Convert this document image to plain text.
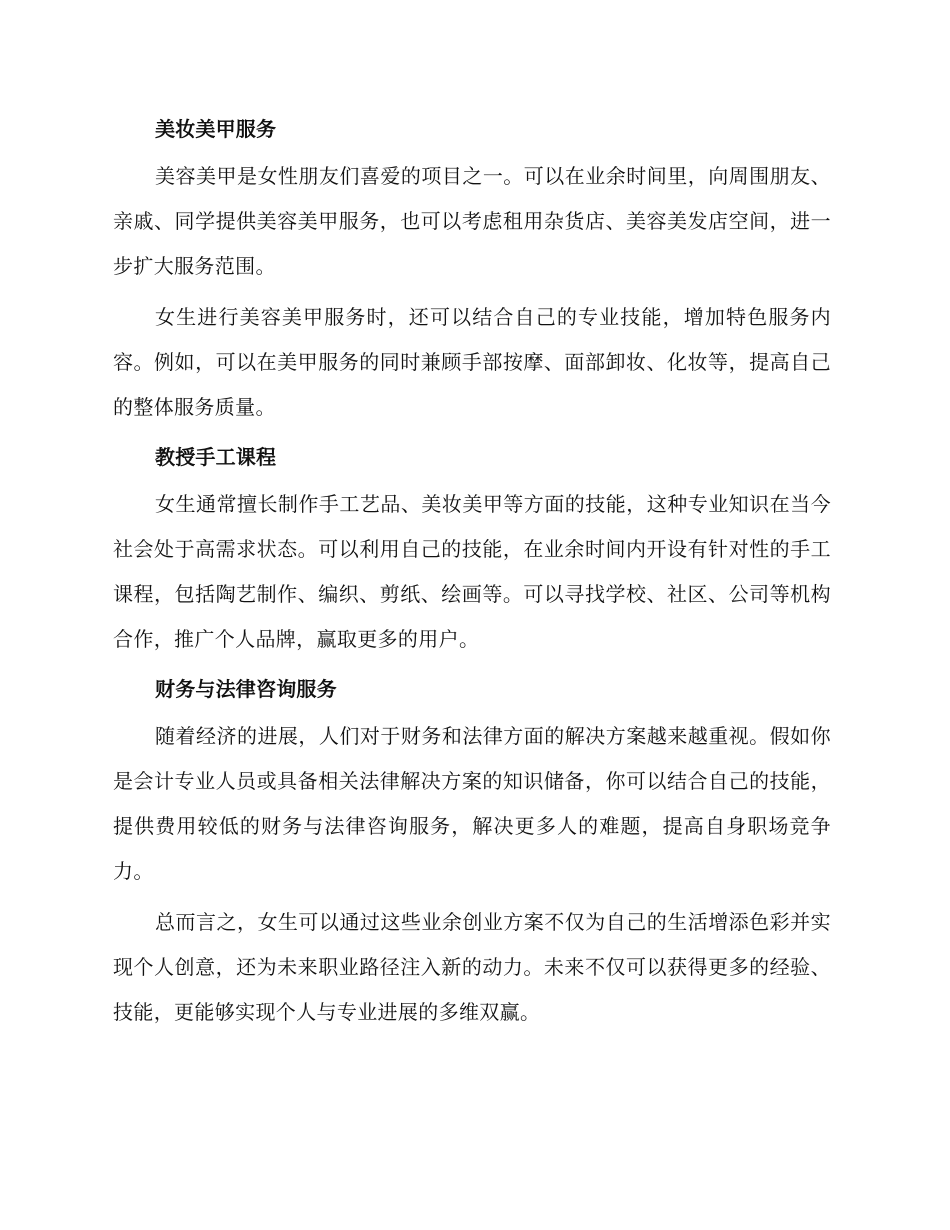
美妆美甲服务

美容美甲是女性朋友们喜爱的项目之一。可以在业余时间里，向周围朋友、亲戚、同学提供美容美甲服务，也可以考虑租用杂货店、美容美发店空间，进一步扩大服务范围。

女生进行美容美甲服务时，还可以结合自己的专业技能，增加特色服务内容。例如，可以在美甲服务的同时兼顾手部按摩、面部卸妆、化妆等，提高自己的整体服务质量。

教授手工课程

女生通常擅长制作手工艺品、美妆美甲等方面的技能，这种专业知识在当今社会处于高需求状态。可以利用自己的技能，在业余时间内开设有针对性的手工课程，包括陶艺制作、编织、剪纸、绘画等。可以寻找学校、社区、公司等机构合作，推广个人品牌，赢取更多的用户。

财务与法律咨询服务

随着经济的进展，人们对于财务和法律方面的解决方案越来越重视。假如你是会计专业人员或具备相关法律解决方案的知识储备，你可以结合自己的技能，提供费用较低的财务与法律咨询服务，解决更多人的难题，提高自身职场竞争力。

总而言之，女生可以通过这些业余创业方案不仅为自己的生活增添色彩并实现个人创意，还为未来职业路径注入新的动力。未来不仅可以获得更多的经验、技能，更能够实现个人与专业进展的多维双赢。
